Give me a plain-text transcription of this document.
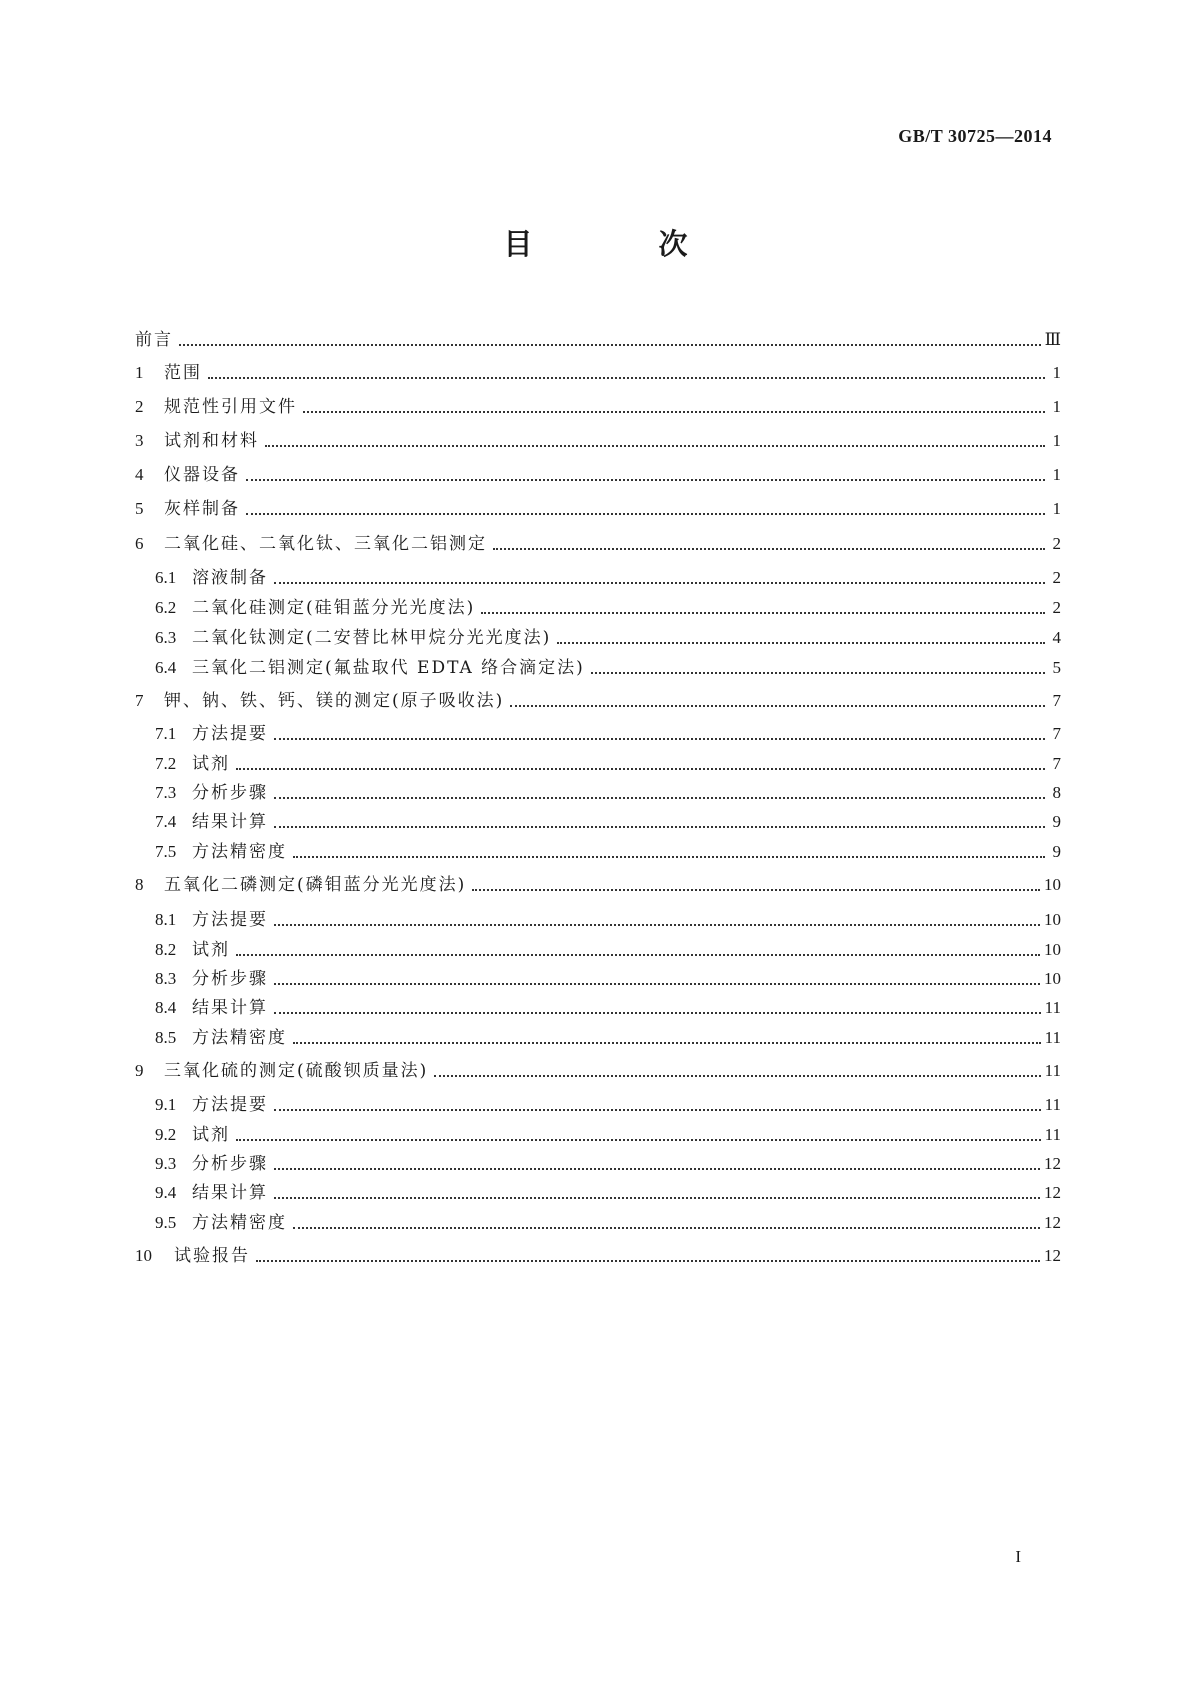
GB/T 30725—2014
目 次
前言	Ⅲ
1	范围	1
2	规范性引用文件	1
3	试剂和材料	1
4	仪器设备	1
5	灰样制备	1
6	二氧化硅、二氧化钛、三氧化二铝测定	2
6.1 溶液制备	2
6.2 二氧化硅测定(硅钼蓝分光光度法)	2
6.3 二氧化钛测定(二安替比林甲烷分光光度法)	4
6.4 三氧化二铝测定(氟盐取代 EDTA 络合滴定法)	5
7	钾、钠、铁、钙、镁的测定(原子吸收法)	7
7.1 方法提要	7
7.2 试剂	7
7.3 分析步骤	8
7.4 结果计算	9
7.5 方法精密度	9
8	五氧化二磷测定(磷钼蓝分光光度法)	10
8.1 方法提要	10
8.2 试剂	10
8.3 分析步骤	10
8.4 结果计算	11
8.5 方法精密度	11
9	三氧化硫的测定(硫酸钡质量法)	11
9.1 方法提要	11
9.2 试剂	11
9.3 分析步骤	12
9.4 结果计算	12
9.5 方法精密度	12
10	试验报告	12
I
